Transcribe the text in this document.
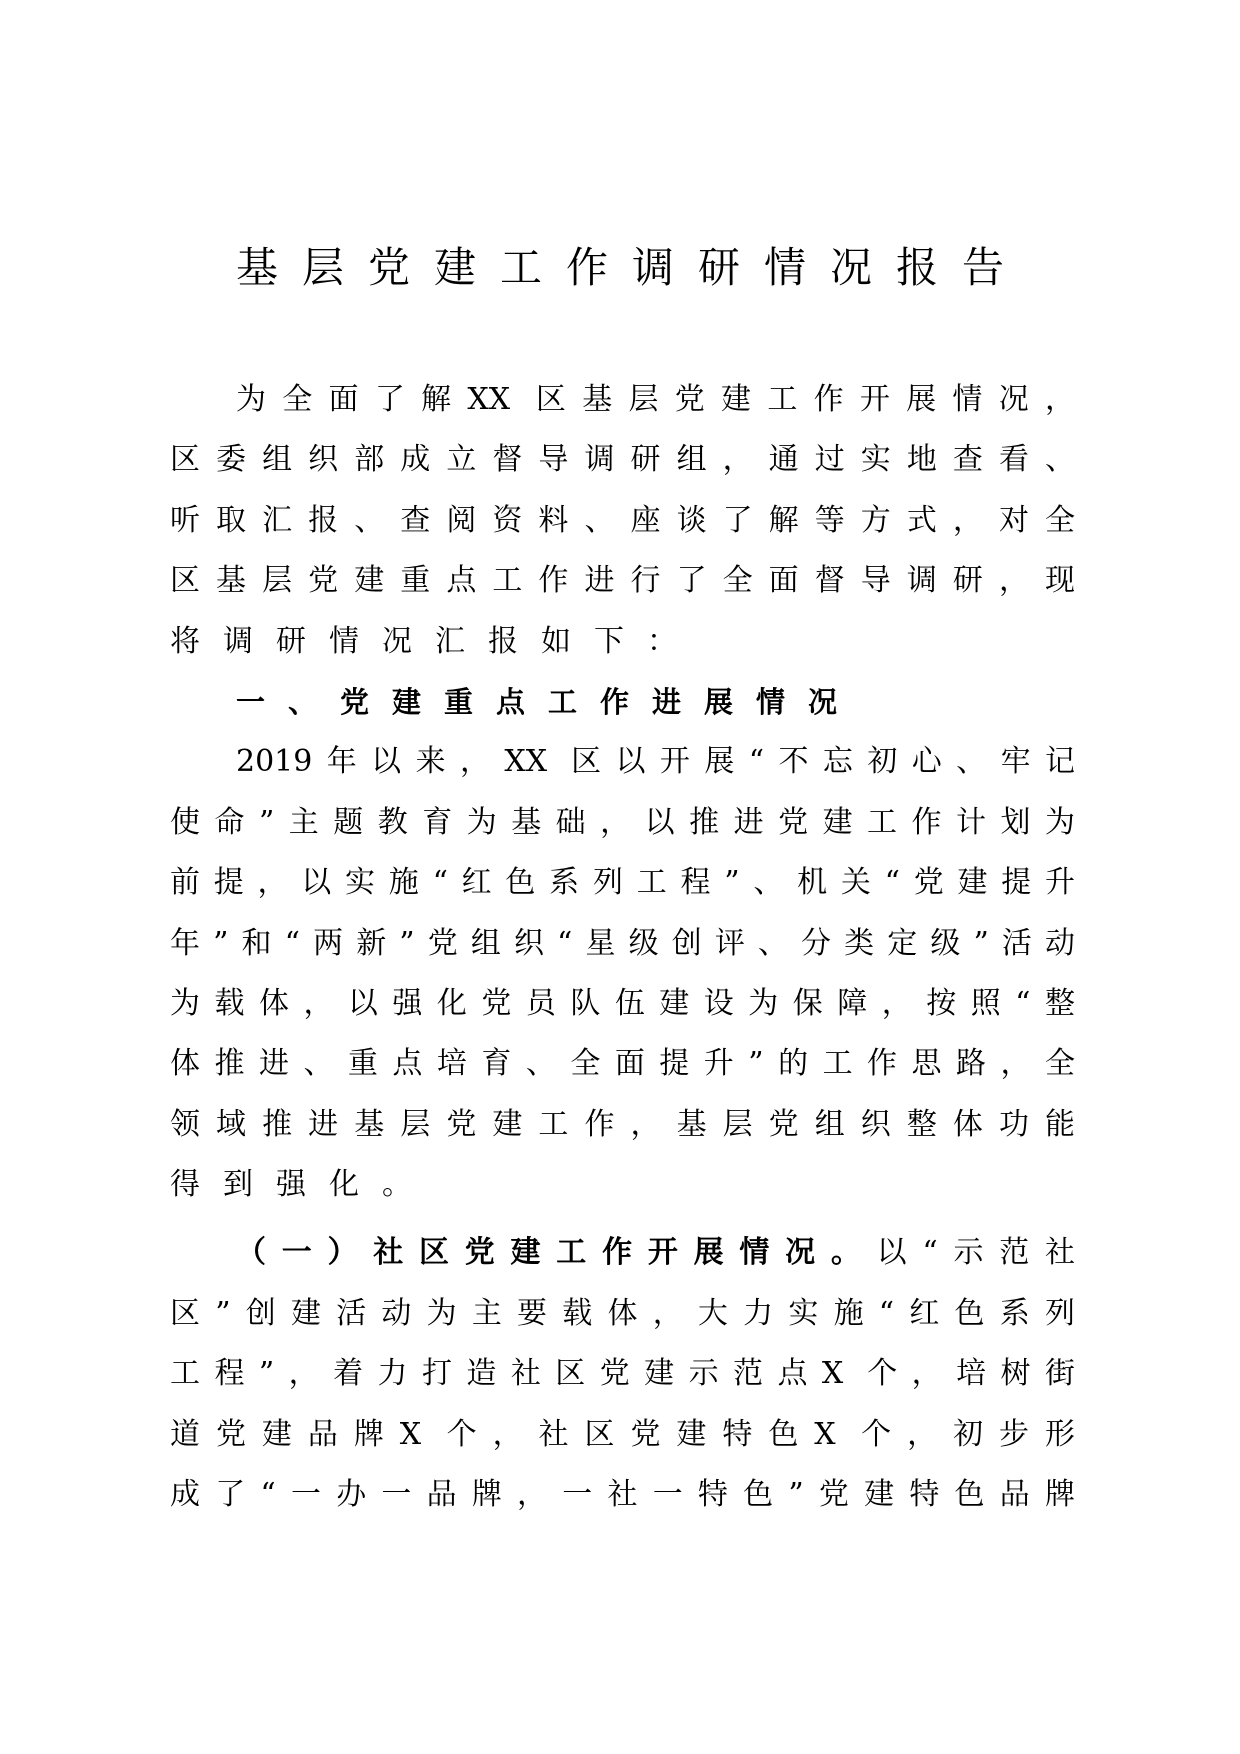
基层党建工作调研情况报告
为全面了解XX 区基层党建工作开展情况，
区委组织部成立督导调研组，通过实地查看、
听取汇报、查阅资料、座谈了解等方式，对全
区基层党建重点工作进行了全面督导调研，现
将调研情况汇报如下：
一、党建重点工作进展情况
2019年以来，XX 区以开展“不忘初心、牢记
使命”主题教育为基础，以推进党建工作计划为
前提，以实施“红色系列工程”、机关“党建提升
年”和“两新”党组织“星级创评、分类定级”活动
为载体，以强化党员队伍建设为保障，按照“整
体推进、重点培育、全面提升”的工作思路，全
领域推进基层党建工作，基层党组织整体功能
得到强化。
（一）社区党建工作开展情况。以“示范社
区”创建活动为主要载体，大力实施“红色系列
工程”，着力打造社区党建示范点X 个，培树街
道党建品牌X 个，社区党建特色X 个，初步形
成了“一办一品牌，一社一特色”党建特色品牌
